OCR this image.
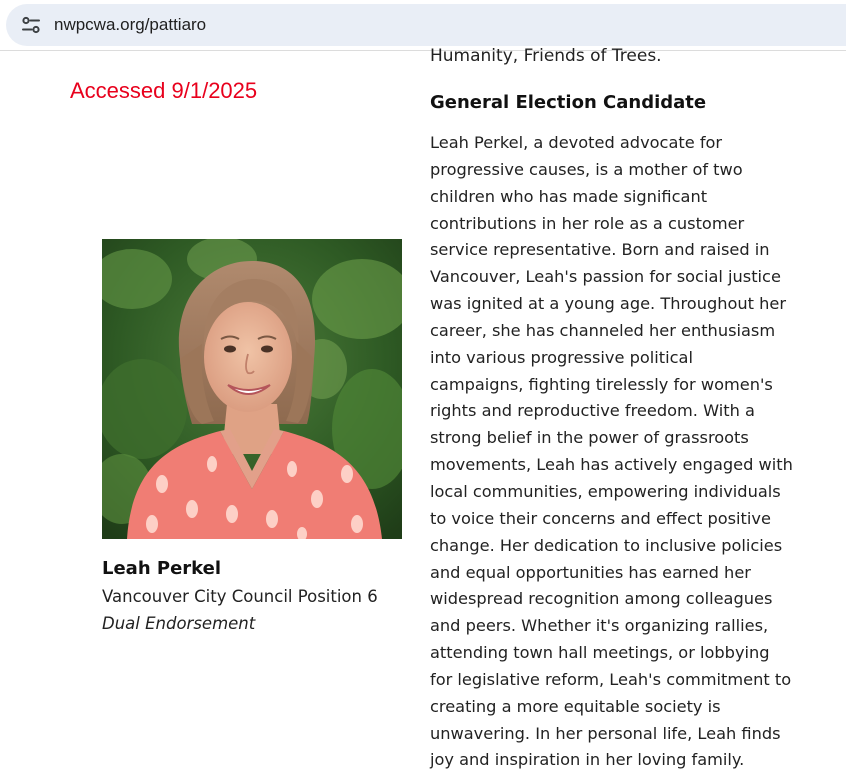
nwpcwa.org/pattiaro
Humanity, Friends of Trees.
Accessed 9/1/2025	General Election Candidate
Leah Perkel, a devoted advocate for
progressive causes, is a mother of two
children who has made significant
contributions in her role as a customer
service representative. Born and raised in
Vancouver, Leah's passion for social justice
was ignited at a young age. Throughout her
career, she has channeled her enthusiasm
into various progressive political
campaigns, fighting tirelessly for women's
rights and reproductive freedom. With a
strong belief in the power of grassroots
movements, Leah has actively engaged with
local communities, empowering individuals
to voice their concerns and effect positive
change. Her dedication to inclusive policies
and equal opportunities has earned her
widespread recognition among colleagues
and peers. Whether it's organizing rallies,
attending town hall meetings, or lobbying
for legislative reform, Leah's commitment to
creating a more equitable society is
unwavering. In her personal life, Leah finds
joy and inspiration in her loving family.
Leah Perkel
Vancouver City Council Position 6
Dual Endorsement
